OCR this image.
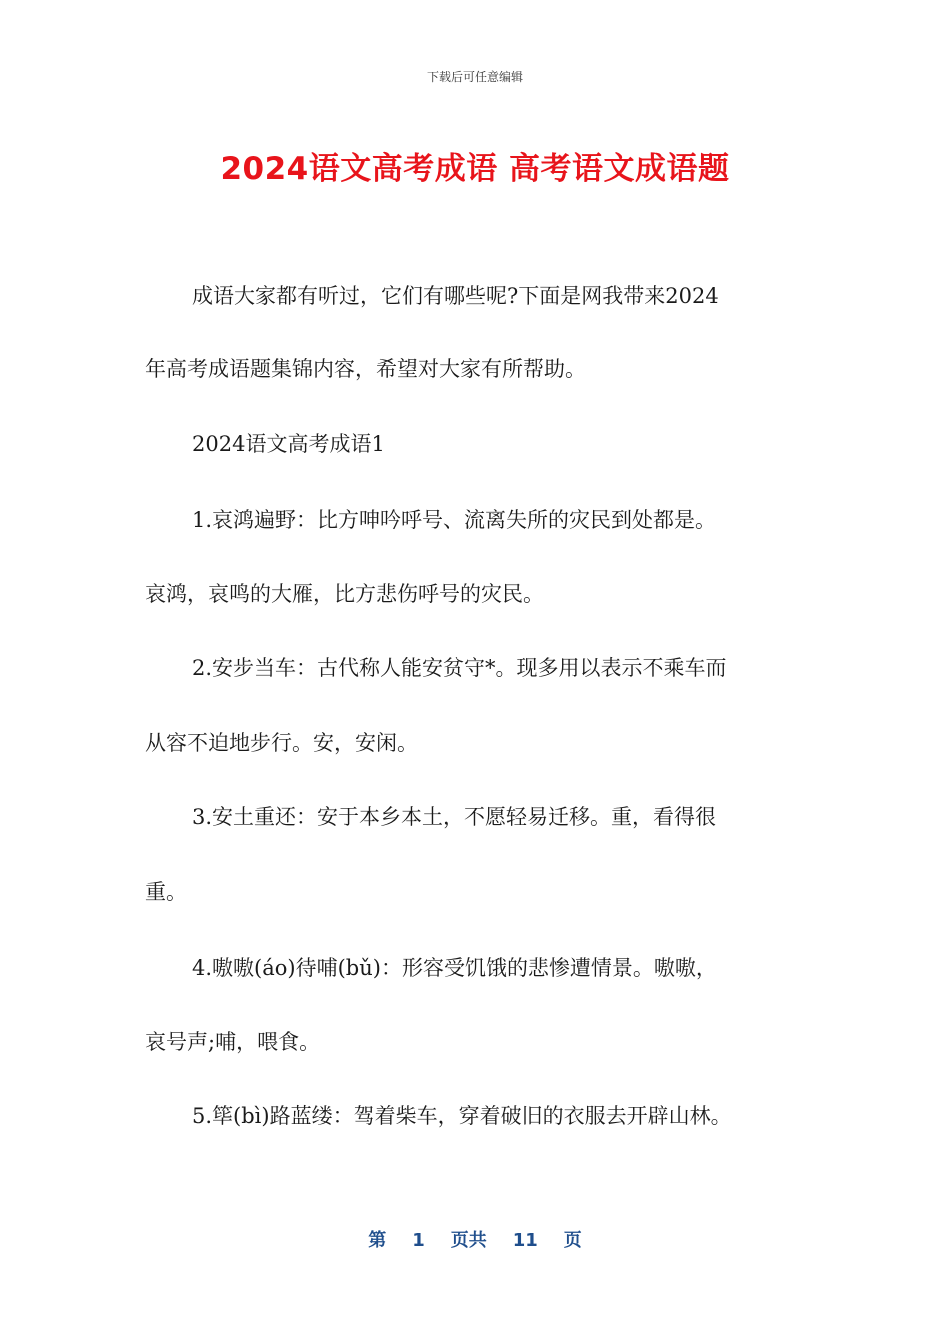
下载后可任意编辑
2024语文高考成语 高考语文成语题
成语大家都有听过，它们有哪些呢?下面是网我带来2024
年高考成语题集锦内容，希望对大家有所帮助。
2024语文高考成语1
1.哀鸿遍野：比方呻吟呼号、流离失所的灾民到处都是。
哀鸿，哀鸣的大雁，比方悲伤呼号的灾民。
2.安步当车：古代称人能安贫守*。现多用以表示不乘车而
从容不迫地步行。安，安闲。
3.安土重还：安于本乡本土，不愿轻易迁移。重，看得很
重。
4.嗷嗷(áo)待哺(bǔ)：形容受饥饿的悲惨遭情景。嗷嗷，
哀号声;哺，喂食。
5.筚(bì)路蓝缕：驾着柴车，穿着破旧的衣服去开辟山林。
第 1 页共 11 页
